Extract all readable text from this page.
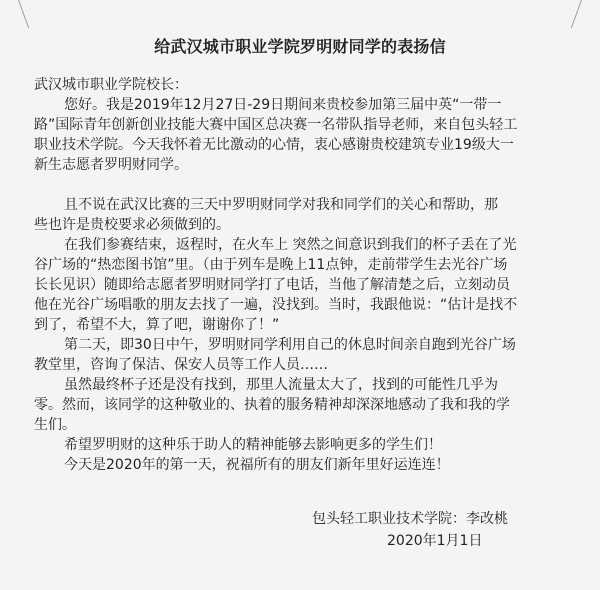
给武汉城市职业学院罗明财同学的表扬信
武汉城市职业学院校长：
您好。我是2019年12月27日-29日期间来贵校参加第三届中英“一带一
路”国际青年创新创业技能大赛中国区总决赛一名带队指导老师，来自包头轻工
职业技术学院。今天我怀着无比激动的心情，衷心感谢贵校建筑专业19级大一
新生志愿者罗明财同学。
且不说在武汉比赛的三天中罗明财同学对我和同学们的关心和帮助，那
些也许是贵校要求必须做到的。
在我们参赛结束，返程时，在火车上 突然之间意识到我们的杯子丢在了光
谷广场的“热恋图书馆”里。（由于列车是晚上11点钟，走前带学生去光谷广场
长长见识）随即给志愿者罗明财同学打了电话，当他了解清楚之后，立刻动员
他在光谷广场唱歌的朋友去找了一遍，没找到。当时，我跟他说：“估计是找不
到了，希望不大，算了吧，谢谢你了！”
第二天，即30日中午，罗明财同学利用自己的休息时间亲自跑到光谷广场
教堂里，咨询了保洁、保安人员等工作人员……
虽然最终杯子还是没有找到，那里人流量太大了，找到的可能性几乎为
零。然而，该同学的这种敬业的、执着的服务精神却深深地感动了我和我的学
生们。
希望罗明财的这种乐于助人的精神能够去影响更多的学生们！
今天是2020年的第一天，祝福所有的朋友们新年里好运连连！
包头轻工职业技术学院：李改桃
2020年1月1日
